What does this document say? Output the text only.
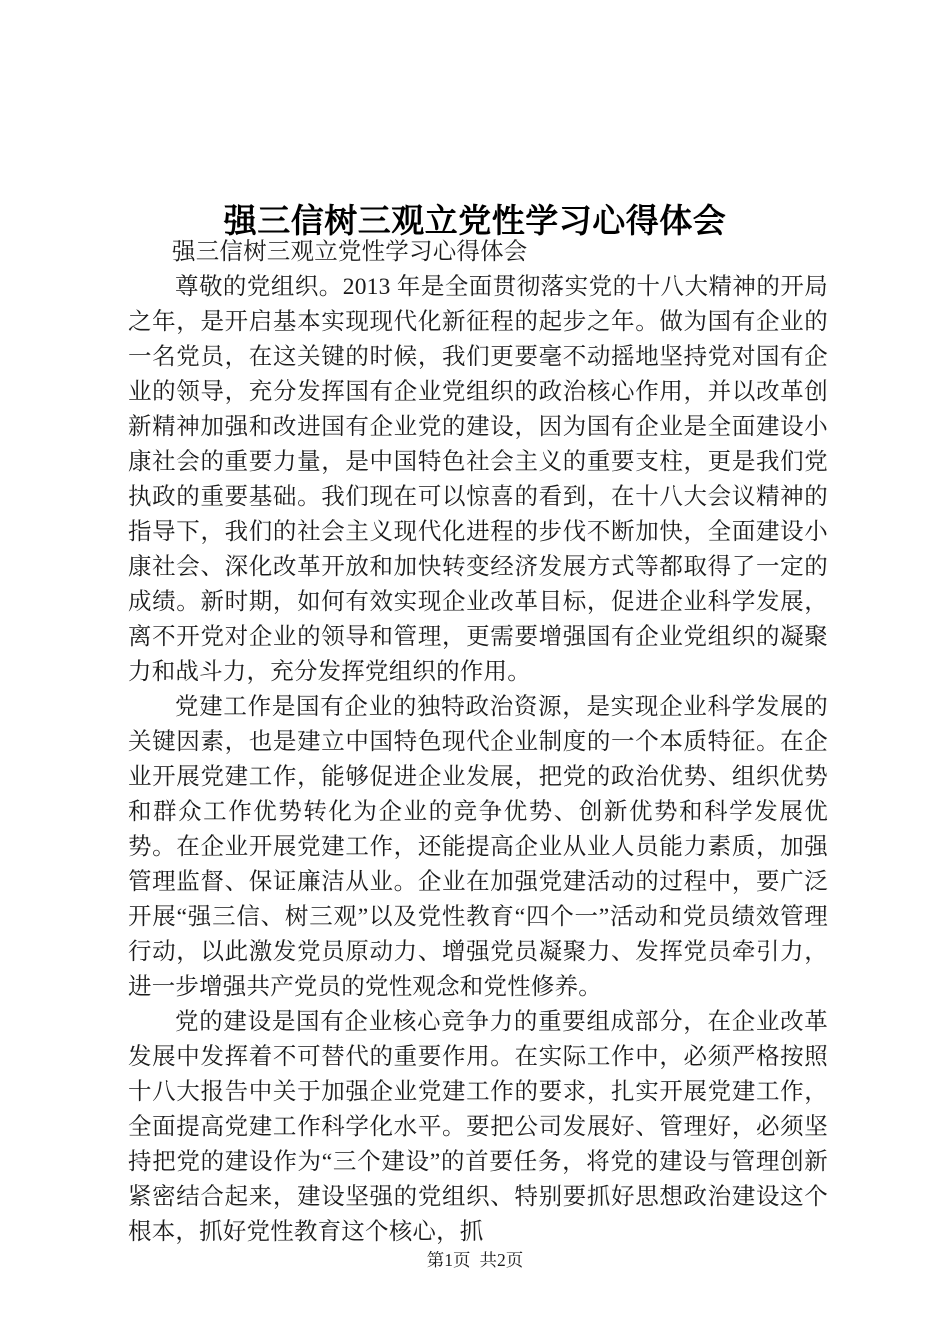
强三信树三观立党性学习心得体会
强三信树三观立党性学习心得体会

尊敬的党组织。2013 年是全面贯彻落实党的十八大精神的开局之年，是开启基本实现现代化新征程的起步之年。做为国有企业的一名党员，在这关键的时候，我们更要毫不动摇地坚持党对国有企业的领导，充分发挥国有企业党组织的政治核心作用，并以改革创新精神加强和改进国有企业党的建设，因为国有企业是全面建设小康社会的重要力量，是中国特色社会主义的重要支柱，更是我们党执政的重要基础。我们现在可以惊喜的看到，在十八大会议精神的指导下，我们的社会主义现代化进程的步伐不断加快，全面建设小康社会、深化改革开放和加快转变经济发展方式等都取得了一定的成绩。新时期，如何有效实现企业改革目标，促进企业科学发展，离不开党对企业的领导和管理，更需要增强国有企业党组织的凝聚力和战斗力，充分发挥党组织的作用。

党建工作是国有企业的独特政治资源，是实现企业科学发展的关键因素，也是建立中国特色现代企业制度的一个本质特征。在企业开展党建工作，能够促进企业发展，把党的政治优势、组织优势和群众工作优势转化为企业的竞争优势、创新优势和科学发展优势。在企业开展党建工作，还能提高企业从业人员能力素质，加强管理监督、保证廉洁从业。企业在加强党建活动的过程中，要广泛开展“强三信、树三观”以及党性教育“四个一”活动和党员绩效管理行动，以此激发党员原动力、增强党员凝聚力、发挥党员牵引力，进一步增强共产党员的党性观念和党性修养。

党的建设是国有企业核心竞争力的重要组成部分，在企业改革发展中发挥着不可替代的重要作用。在实际工作中，必须严格按照十八大报告中关于加强企业党建工作的要求，扎实开展党建工作，全面提高党建工作科学化水平。要把公司发展好、管理好，必须坚持把党的建设作为“三个建设”的首要任务，将党的建设与管理创新紧密结合起来，建设坚强的党组织、特别要抓好思想政治建设这个根本，抓好党性教育这个核心，抓

第1页 共2页
